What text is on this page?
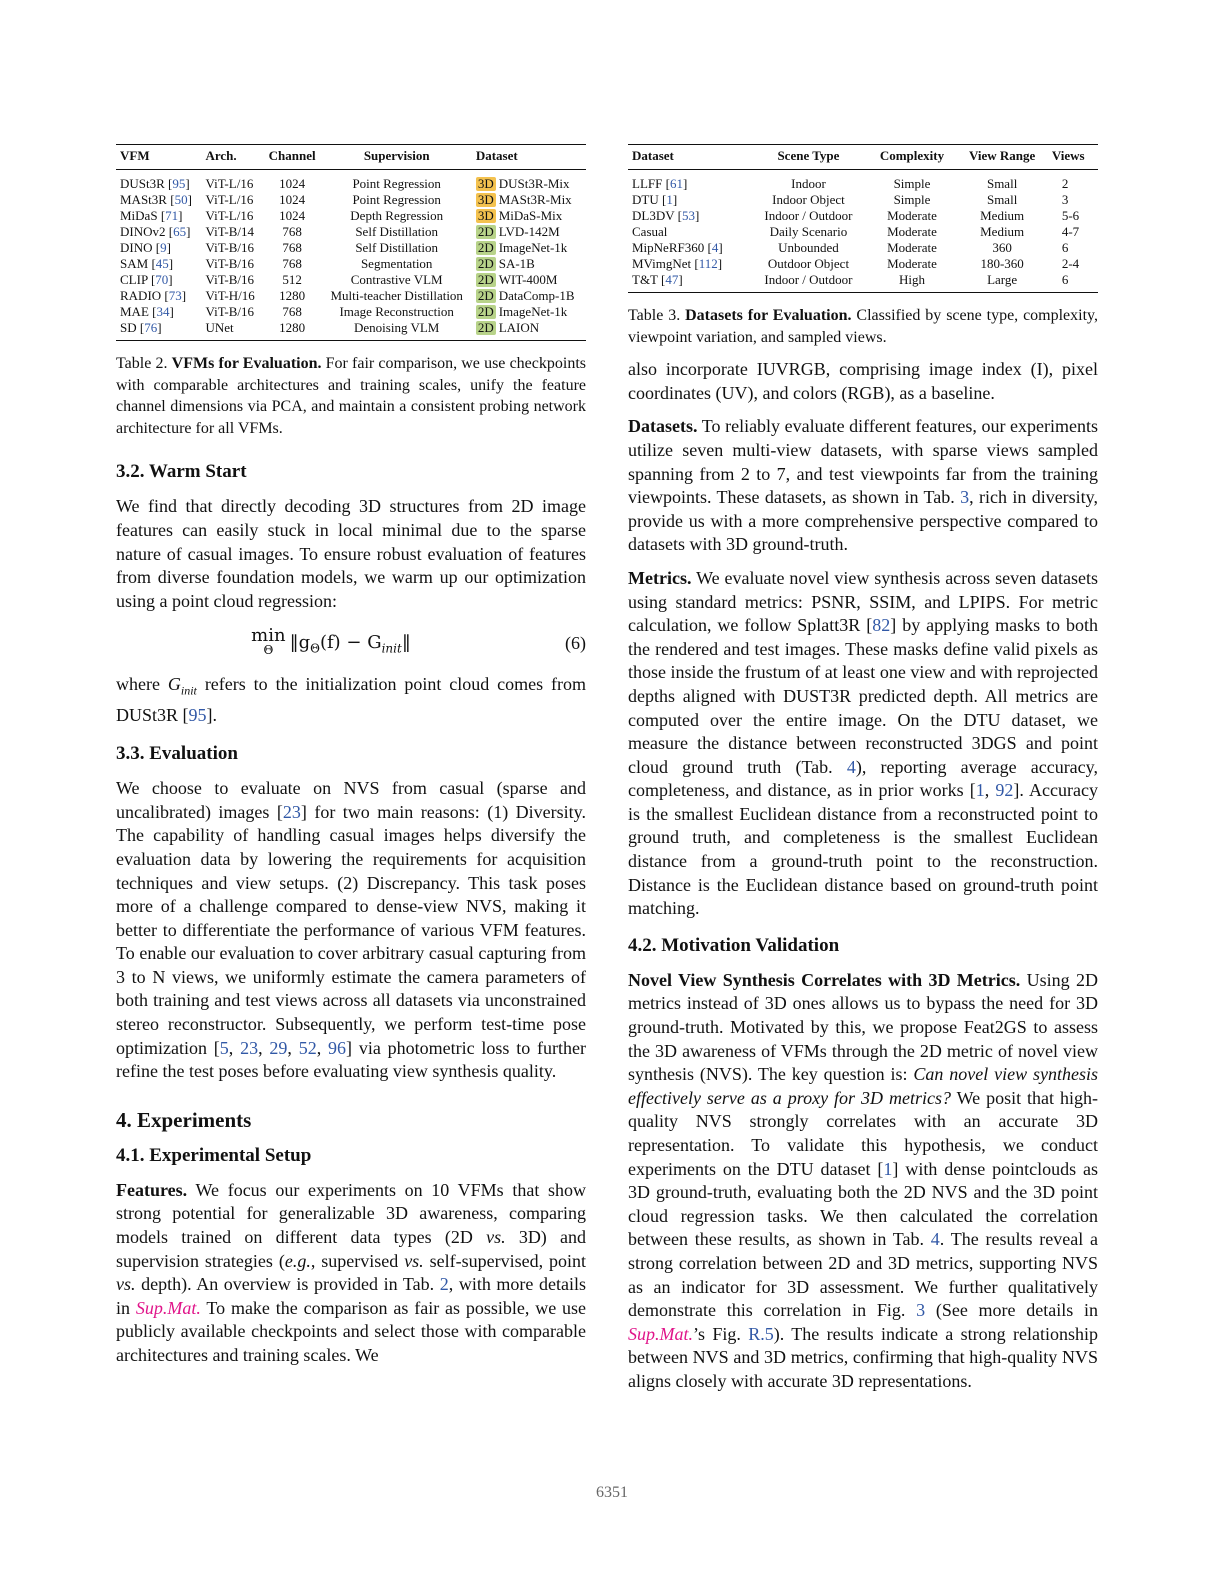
VFM	Arch.	Channel	Supervision	Dataset
DUSt3R [95]	ViT-L/16	1024	Point Regression	3D DUSt3R-Mix
MASt3R [50]	ViT-L/16	1024	Point Regression	3D MASt3R-Mix
MiDaS [71]	ViT-L/16	1024	Depth Regression	3D MiDaS-Mix
DINOv2 [65]	ViT-B/14	768	Self Distillation	2D LVD-142M
DINO [9]	ViT-B/16	768	Self Distillation	2D ImageNet-1k
SAM [45]	ViT-B/16	768	Segmentation	2D SA-1B
CLIP [70]	ViT-B/16	512	Contrastive VLM	2D WIT-400M
RADIO [73]	ViT-H/16	1280	Multi-teacher Distillation	2D DataComp-1B
MAE [34]	ViT-B/16	768	Image Reconstruction	2D ImageNet-1k
SD [76]	UNet	1280	Denoising VLM	2D LAION

Table 2. VFMs for Evaluation. For fair comparison, we use checkpoints with comparable architectures and training scales, unify the feature channel dimensions via PCA, and maintain a consistent probing network architecture for all VFMs.

3.2. Warm Start

We find that directly decoding 3D structures from 2D image features can easily stuck in local minimal due to the sparse nature of casual images. To ensure robust evaluation of features from diverse foundation models, we warm up our optimization using a point cloud regression:

min
Θ $‖g_\Theta(f)$ − $G_{init}‖$	(6)

where $G_{init}$ refers to the initialization point cloud comes from DUSt3R [95].

3.3. Evaluation

We choose to evaluate on NVS from casual (sparse and uncalibrated) images [23] for two main reasons: (1) Diversity. The capability of handling casual images helps diversify the evaluation data by lowering the requirements for acquisition techniques and view setups. (2) Discrepancy. This task poses more of a challenge compared to dense-view NVS, making it better to differentiate the performance of various VFM features. To enable our evaluation to cover arbitrary casual capturing from 3 to N views, we uniformly estimate the camera parameters of both training and test views across all datasets via unconstrained stereo reconstructor. Subsequently, we perform test-time pose optimization [5, 23, 29, 52, 96] via photometric loss to further refine the test poses before evaluating view synthesis quality.

4. Experiments
4.1. Experimental Setup

Features. We focus our experiments on 10 VFMs that show strong potential for generalizable 3D awareness, comparing models trained on different data types (2D vs. 3D) and supervision strategies (e.g., supervised vs. self-supervised, point vs. depth). An overview is provided in Tab. 2, with more details in Sup.Mat. To make the comparison as fair as possible, we use publicly available checkpoints and select those with comparable architectures and training scales. We

Dataset	Scene Type	Complexity	View Range	Views
LLFF [61]	Indoor	Simple	Small	2
DTU [1]	Indoor Object	Simple	Small	3
DL3DV [53]	Indoor / Outdoor	Moderate	Medium	5-6
Casual	Daily Scenario	Moderate	Medium	4-7
MipNeRF360 [4]	Unbounded	Moderate	360	6
MVimgNet [112]	Outdoor Object	Moderate	180-360	2-4
T&T [47]	Indoor / Outdoor	High	Large	6

Table 3. Datasets for Evaluation. Classified by scene type, complexity, viewpoint variation, and sampled views.

also incorporate IUVRGB, comprising image index (I), pixel coordinates (UV), and colors (RGB), as a baseline.

Datasets. To reliably evaluate different features, our experiments utilize seven multi-view datasets, with sparse views sampled spanning from 2 to 7, and test viewpoints far from the training viewpoints. These datasets, as shown in Tab. 3, rich in diversity, provide us with a more comprehensive perspective compared to datasets with 3D ground-truth.

Metrics. We evaluate novel view synthesis across seven datasets using standard metrics: PSNR, SSIM, and LPIPS. For metric calculation, we follow Splatt3R [82] by applying masks to both the rendered and test images. These masks define valid pixels as those inside the frustum of at least one view and with reprojected depths aligned with DUST3R predicted depth. All metrics are computed over the entire image. On the DTU dataset, we measure the distance between reconstructed 3DGS and point cloud ground truth (Tab. 4), reporting average accuracy, completeness, and distance, as in prior works [1, 92]. Accuracy is the smallest Euclidean distance from a reconstructed point to ground truth, and completeness is the smallest Euclidean distance from a ground-truth point to the reconstruction. Distance is the Euclidean distance based on ground-truth point matching.

4.2. Motivation Validation

Novel View Synthesis Correlates with 3D Metrics. Using 2D metrics instead of 3D ones allows us to bypass the need for 3D ground-truth. Motivated by this, we propose Feat2GS to assess the 3D awareness of VFMs through the 2D metric of novel view synthesis (NVS). The key question is: Can novel view synthesis effectively serve as a proxy for 3D metrics? We posit that high-quality NVS strongly correlates with an accurate 3D representation. To validate this hypothesis, we conduct experiments on the DTU dataset [1] with dense pointclouds as 3D ground-truth, evaluating both the 2D NVS and the 3D point cloud regression tasks. We then calculated the correlation between these results, as shown in Tab. 4. The results reveal a strong correlation between 2D and 3D metrics, supporting NVS as an indicator for 3D assessment. We further qualitatively demonstrate this correlation in Fig. 3 (See more details in Sup.Mat.’s Fig. R.5). The results indicate a strong relationship between NVS and 3D metrics, confirming that high-quality NVS aligns closely with accurate 3D representations.

6351
